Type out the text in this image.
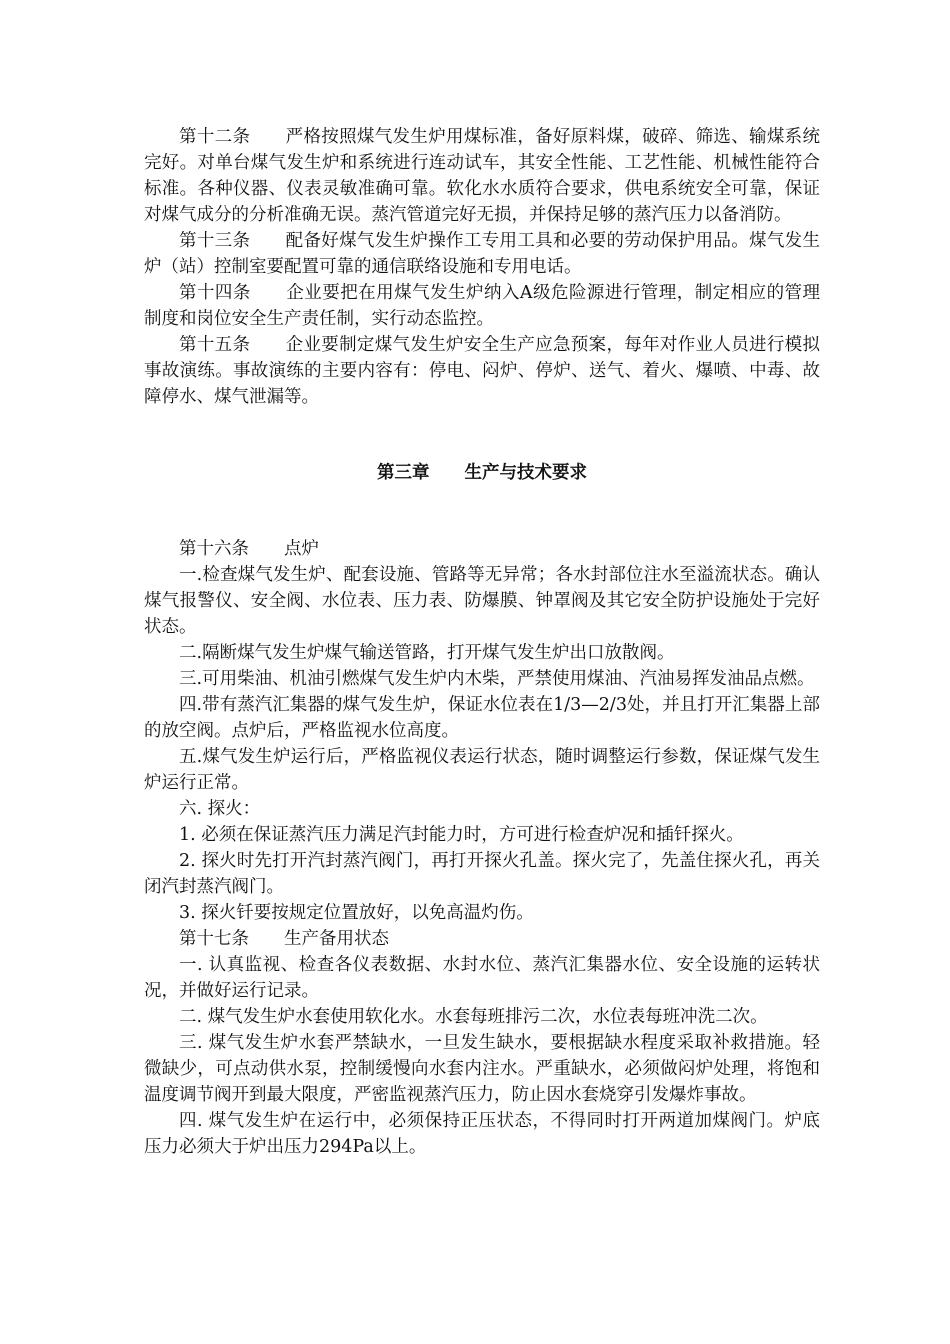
第十二条 严格按照煤气发生炉用煤标准，备好原料煤，破碎、筛选、输煤系统完好。对单台煤气发生炉和系统进行连动试车，其安全性能、工艺性能、机械性能符合标准。各种仪器、仪表灵敏准确可靠。软化水水质符合要求，供电系统安全可靠，保证对煤气成分的分析准确无误。蒸汽管道完好无损，并保持足够的蒸汽压力以备消防。

第十三条 配备好煤气发生炉操作工专用工具和必要的劳动保护用品。煤气发生炉（站）控制室要配置可靠的通信联络设施和专用电话。

第十四条 企业要把在用煤气发生炉纳入A级危险源进行管理，制定相应的管理制度和岗位安全生产责任制，实行动态监控。

第十五条 企业要制定煤气发生炉安全生产应急预案，每年对作业人员进行模拟事故演练。事故演练的主要内容有：停电、闷炉、停炉、送气、着火、爆喷、中毒、故障停水、煤气泄漏等。

第三章 生产与技术要求

第十六条 点炉

一.检查煤气发生炉、配套设施、管路等无异常；各水封部位注水至溢流状态。确认煤气报警仪、安全阀、水位表、压力表、防爆膜、钟罩阀及其它安全防护设施处于完好状态。

二.隔断煤气发生炉煤气输送管路，打开煤气发生炉出口放散阀。

三.可用柴油、机油引燃煤气发生炉内木柴，严禁使用煤油、汽油易挥发油品点燃。

四.带有蒸汽汇集器的煤气发生炉，保证水位表在1/3—2/3处，并且打开汇集器上部的放空阀。点炉后，严格监视水位高度。

五.煤气发生炉运行后，严格监视仪表运行状态，随时调整运行参数，保证煤气发生炉运行正常。

六. 探火：

1. 必须在保证蒸汽压力满足汽封能力时，方可进行检查炉况和插钎探火。

2. 探火时先打开汽封蒸汽阀门，再打开探火孔盖。探火完了，先盖住探火孔，再关闭汽封蒸汽阀门。

3. 探火钎要按规定位置放好，以免高温灼伤。

第十七条 生产备用状态

一. 认真监视、检查各仪表数据、水封水位、蒸汽汇集器水位、安全设施的运转状况，并做好运行记录。

二. 煤气发生炉水套使用软化水。水套每班排污二次，水位表每班冲洗二次。

三. 煤气发生炉水套严禁缺水，一旦发生缺水，要根据缺水程度采取补救措施。轻微缺少，可点动供水泵，控制缓慢向水套内注水。严重缺水，必须做闷炉处理，将饱和温度调节阀开到最大限度，严密监视蒸汽压力，防止因水套烧穿引发爆炸事故。

四. 煤气发生炉在运行中，必须保持正压状态，不得同时打开两道加煤阀门。炉底压力必须大于炉出压力294Pa以上。
